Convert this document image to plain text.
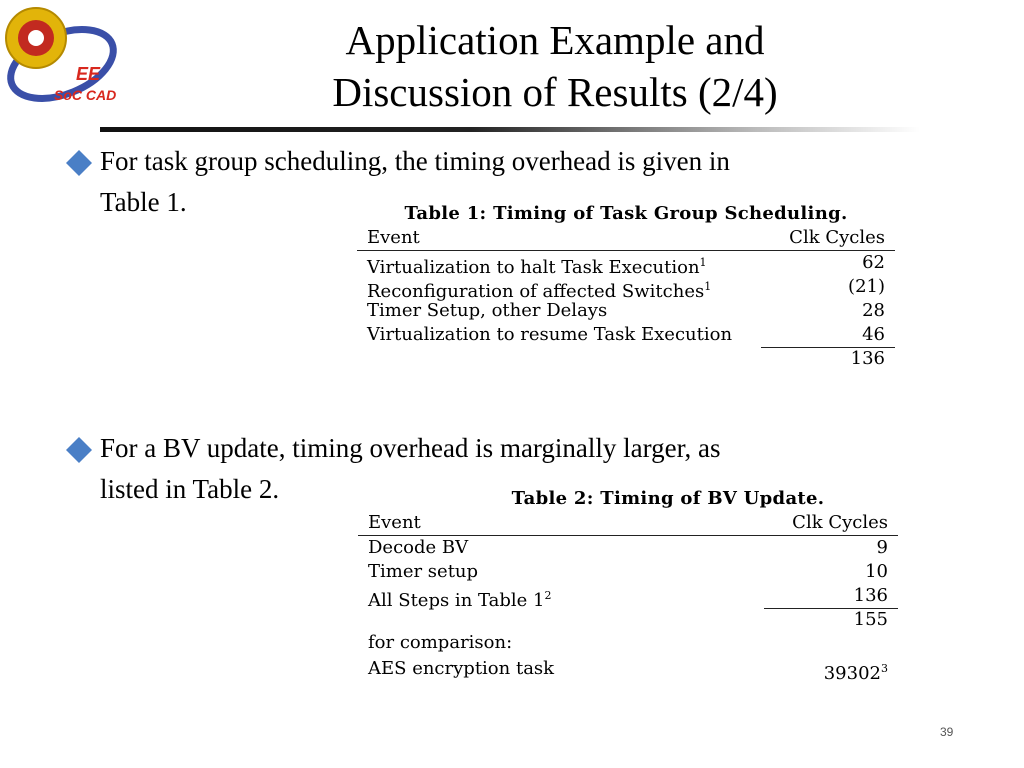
EE
SoC CAD
Application Example and
Discussion of Results (2/4)
For task group scheduling, the timing overhead is given in
Table 1.	Table 1: Timing of Task Group Scheduling.
Event	Clk Cycles
Virtualization to halt Task Execution$^1$	62
Reconfiguration of affected Switches$^1$	(21)
Timer Setup, other Delays	28
Virtualization to resume Task Execution	46
136
For a BV update, timing overhead is marginally larger, as
listed in Table 2.	Table 2: Timing of BV Update.
Event	Clk Cycles
Decode BV	9
Timer setup	10
All Steps in Table $1^2$	136
155
for comparison:
AES encryption task	39302$^3$
39
